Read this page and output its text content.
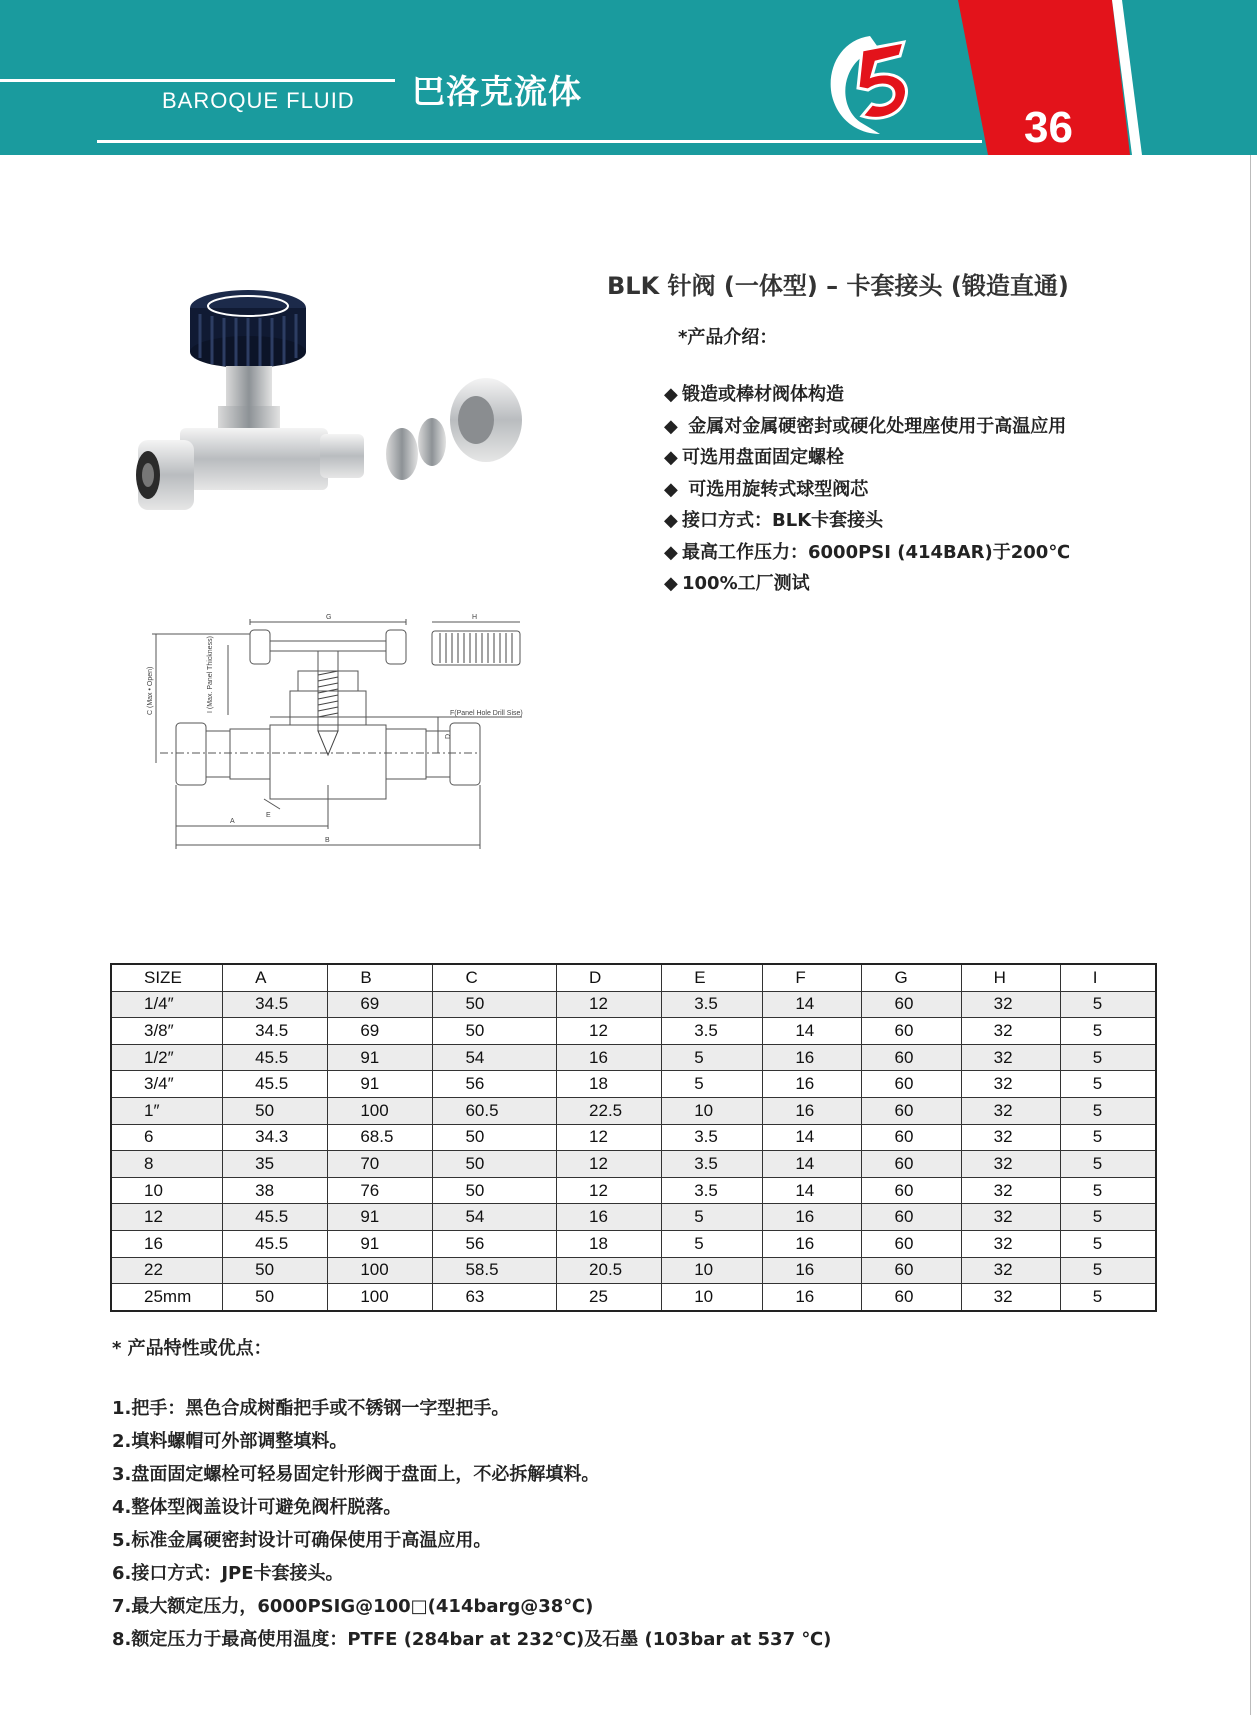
BAROQUE FLUID 巴洛克流体
36
BLK 针阀 (一体型) – 卡套接头 (锻造直通)
*产品介绍：
◆ 锻造或棒材阀体构造
◆ 金属对金属硬密封或硬化处理座使用于高温应用
◆ 可选用盘面固定螺栓
◆ 可选用旋转式球型阀芯
◆ 接口方式：BLK卡套接头
◆ 最高工作压力：6000PSI (414BAR)于200℃
◆ 100%工厂测试
G	H
F(Panel Hole Drill Sise)
C (Max • Open)	I (Max. Panel Thickness)
D
E
A
B
SIZE	A	B	C	D	E	F	G	H	I
1/4″	34.5	69	50	12	3.5	14	60	32	5
3/8″	34.5	69	50	12	3.5	14	60	32	5
1/2″	45.5	91	54	16	5	16	60	32	5
3/4″	45.5	91	56	18	5	16	60	32	5
1″	50	100	60.5	22.5	10	16	60	32	5
6	34.3	68.5	50	12	3.5	14	60	32	5
8	35	70	50	12	3.5	14	60	32	5
10	38	76	50	12	3.5	14	60	32	5
12	45.5	91	54	16	5	16	60	32	5
16	45.5	91	56	18	5	16	60	32	5
22	50	100	58.5	20.5	10	16	60	32	5
25mm	50	100	63	25	10	16	60	32	5
* 产品特性或优点：
1.把手：黑色合成树酯把手或不锈钢一字型把手。
2.填料螺帽可外部调整填料。
3.盘面固定螺栓可轻易固定针形阀于盘面上，不必拆解填料。
4.整体型阀盖设计可避免阀杆脱落。
5.标准金属硬密封设计可确保使用于高温应用。
6.接口方式：JPE卡套接头。
7.最大额定压力，6000PSIG@100□(414barg@38℃)
8.额定压力于最高使用温度：PTFE (284bar at 232℃)及石墨 (103bar at 537 ℃)
